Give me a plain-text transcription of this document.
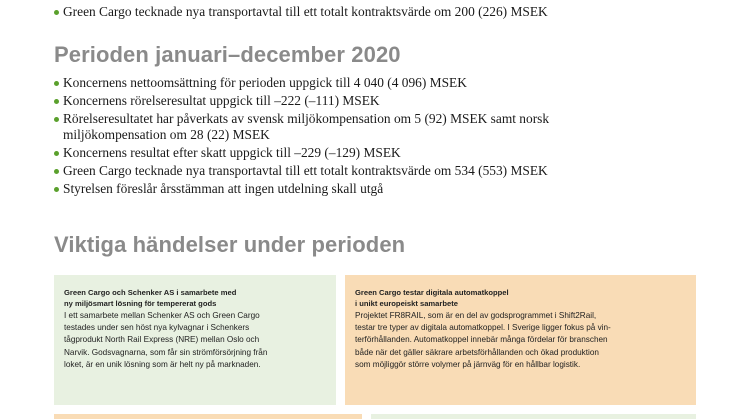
Green Cargo tecknade nya transportavtal till ett totalt kontraktsvärde om 200 (226) MSEK
Perioden januari–december 2020
Koncernens nettoomsättning för perioden uppgick till 4 040 (4 096) MSEK
Koncernens rörelseresultat uppgick till –222 (–111) MSEK
Rörelseresultatet har påverkats av svensk miljökompensation om 5 (92) MSEK samt norsk miljökompensation om 28 (22) MSEK
Koncernens resultat efter skatt uppgick till –229 (–129) MSEK
Green Cargo tecknade nya transportavtal till ett totalt kontraktsvärde om 534 (553) MSEK
Styrelsen föreslår årsstämman att ingen utdelning skall utgå
Viktiga händelser under perioden
Green Cargo och Schenker AS i samarbete med
ny miljösmart lösning för tempererat gods
I ett samarbete mellan Schenker AS och Green Cargo
testades under sen höst nya kylvagnar i Schenkers
tågprodukt North Rail Express (NRE) mellan Oslo och
Narvik. Godsvagnarna, som får sin strömförsörjning från
loket, är en unik lösning som är helt ny på marknaden.
Green Cargo testar digitala automatkoppel
i unikt europeiskt samarbete
Projektet FR8RAIL, som är en del av godsprogrammet i Shift2Rail,
testar tre typer av digitala automatkoppel. I Sverige ligger fokus på vin-
terförhållanden. Automatkoppel innebär många fördelar för branschen
både när det gäller säkrare arbetsförhållanden och ökad produktion
som möjliggör större volymer på järnväg för en hållbar logistik.
